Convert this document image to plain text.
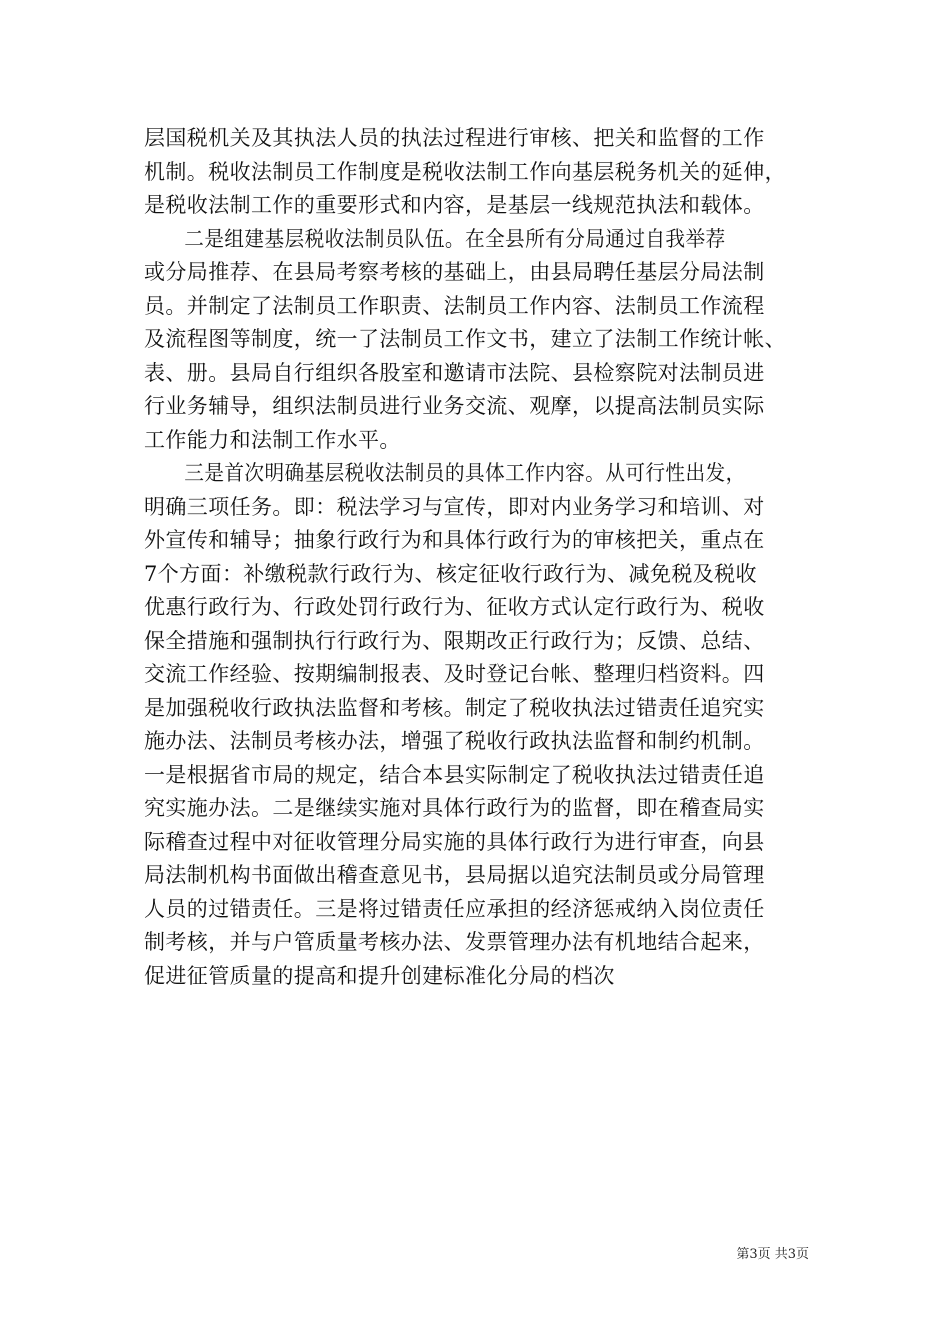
层国税机关及其执法人员的执法过程进行审核、把关和监督的工作
机制。税收法制员工作制度是税收法制工作向基层税务机关的延伸，
是税收法制工作的重要形式和内容，是基层一线规范执法和载体。
二是组建基层税收法制员队伍。在全县所有分局通过自我举荐
或分局推荐、在县局考察考核的基础上，由县局聘任基层分局法制
员。并制定了法制员工作职责、法制员工作内容、法制员工作流程
及流程图等制度，统一了法制员工作文书，建立了法制工作统计帐、
表、册。县局自行组织各股室和邀请市法院、县检察院对法制员进
行业务辅导，组织法制员进行业务交流、观摩，以提高法制员实际
工作能力和法制工作水平。
三是首次明确基层税收法制员的具体工作内容。从可行性出发，
明确三项任务。即：税法学习与宣传，即对内业务学习和培训、对
外宣传和辅导；抽象行政行为和具体行政行为的审核把关，重点在
7个方面：补缴税款行政行为、核定征收行政行为、减免税及税收
优惠行政行为、行政处罚行政行为、征收方式认定行政行为、税收
保全措施和强制执行行政行为、限期改正行政行为；反馈、总结、
交流工作经验、按期编制报表、及时登记台帐、整理归档资料。四
是加强税收行政执法监督和考核。制定了税收执法过错责任追究实
施办法、法制员考核办法，增强了税收行政执法监督和制约机制。
一是根据省市局的规定，结合本县实际制定了税收执法过错责任追
究实施办法。二是继续实施对具体行政行为的监督，即在稽查局实
际稽查过程中对征收管理分局实施的具体行政行为进行审查，向县
局法制机构书面做出稽查意见书，县局据以追究法制员或分局管理
人员的过错责任。三是将过错责任应承担的经济惩戒纳入岗位责任
制考核，并与户管质量考核办法、发票管理办法有机地结合起来，
促进征管质量的提高和提升创建标准化分局的档次
第3页 共3页
